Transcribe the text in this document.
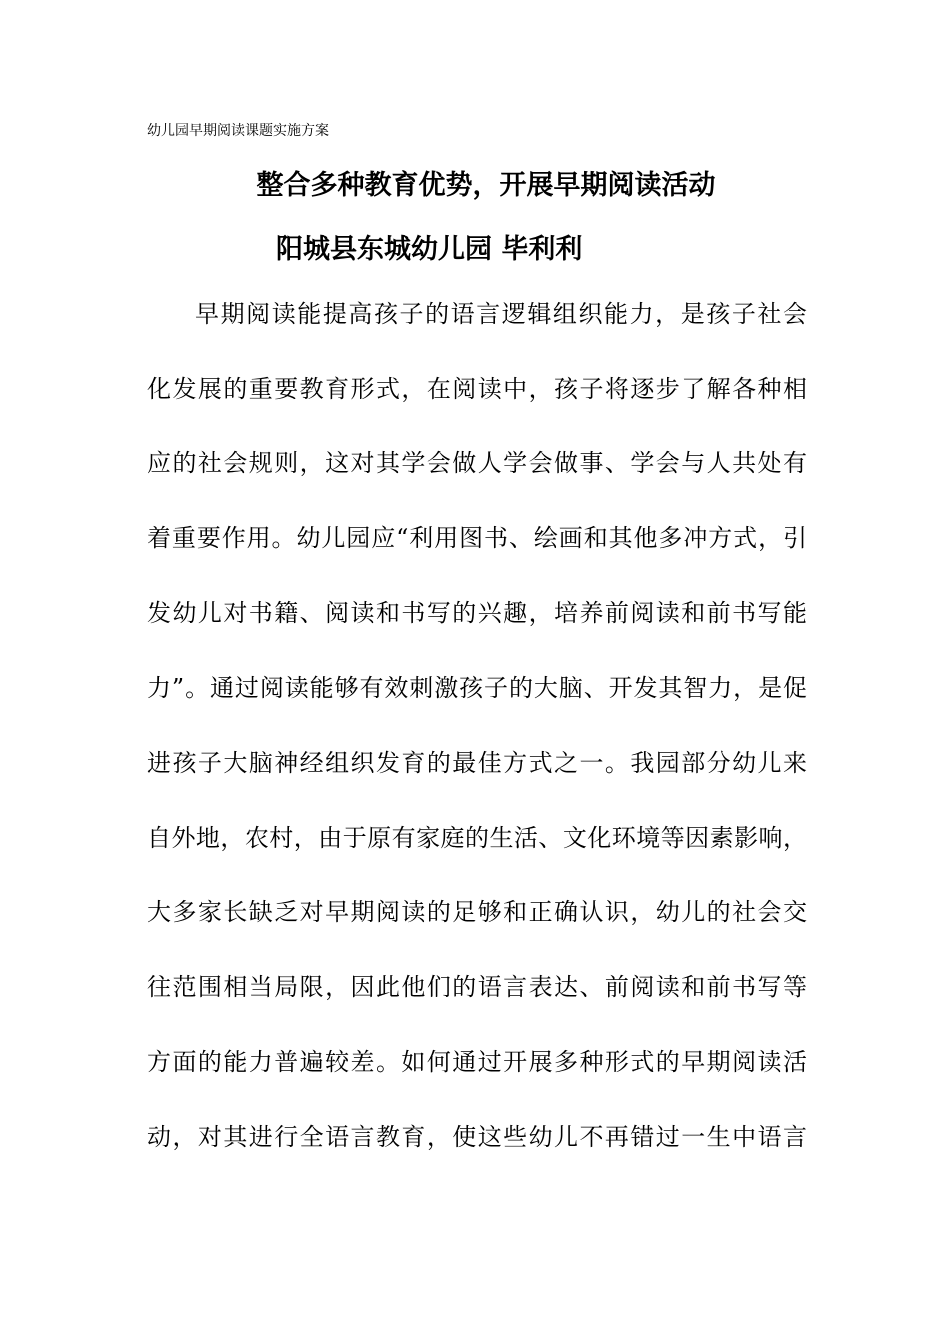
幼儿园早期阅读课题实施方案
整合多种教育优势，开展早期阅读活动
阳城县东城幼儿园 毕利利
早期阅读能提高孩子的语言逻辑组织能力，是孩子社会
化发展的重要教育形式，在阅读中，孩子将逐步了解各种相
应的社会规则，这对其学会做人学会做事、学会与人共处有
着重要作用。幼儿园应“利用图书、绘画和其他多冲方式，引
发幼儿对书籍、阅读和书写的兴趣，培养前阅读和前书写能
力”。通过阅读能够有效刺激孩子的大脑、开发其智力，是促
进孩子大脑神经组织发育的最佳方式之一。我园部分幼儿来
自外地，农村，由于原有家庭的生活、文化环境等因素影响，
大多家长缺乏对早期阅读的足够和正确认识，幼儿的社会交
往范围相当局限，因此他们的语言表达、前阅读和前书写等
方面的能力普遍较差。如何通过开展多种形式的早期阅读活
动，对其进行全语言教育，使这些幼儿不再错过一生中语言
